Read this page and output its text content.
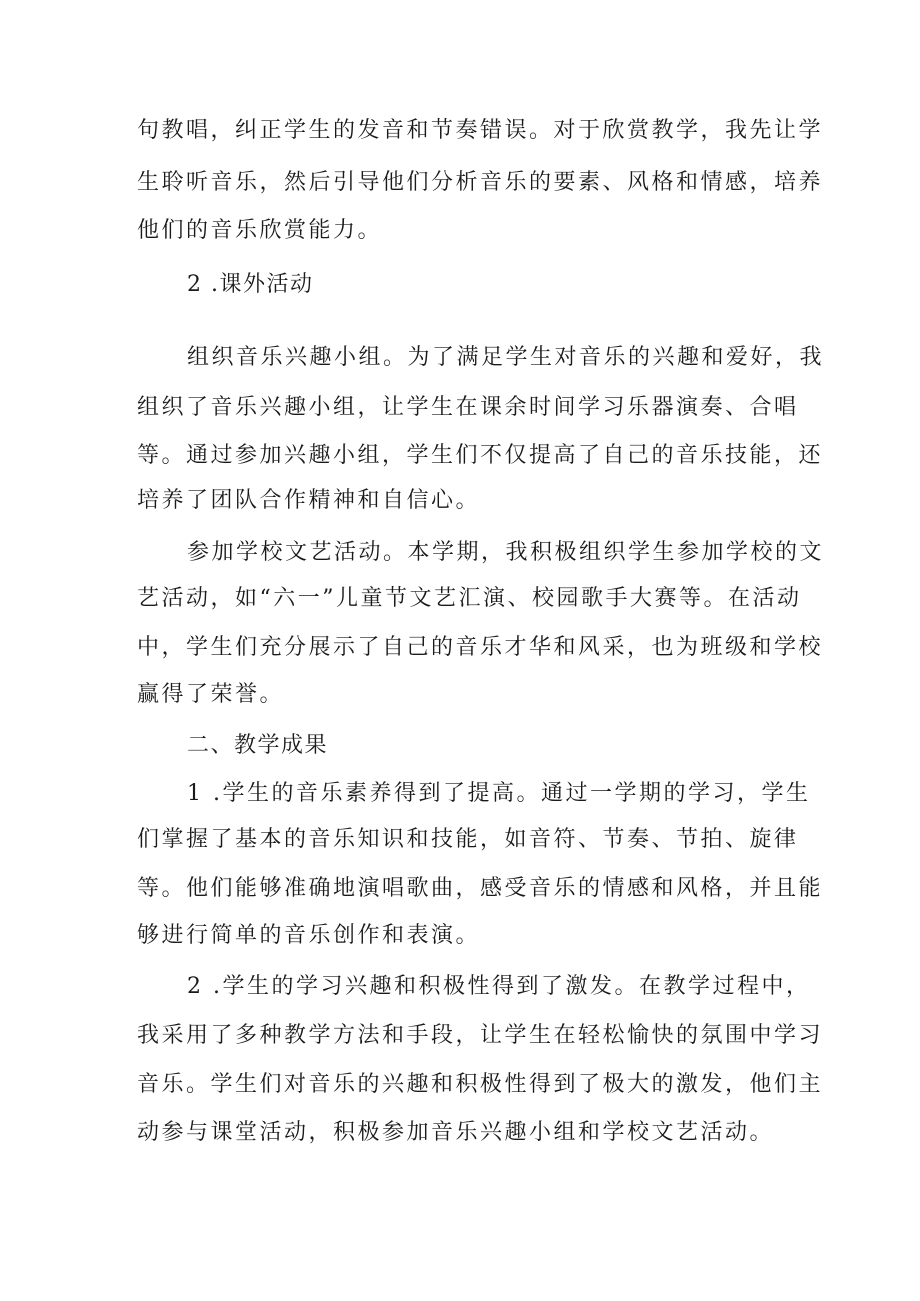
句教唱，纠正学生的发音和节奏错误。对于欣赏教学，我先让学
生聆听音乐，然后引导他们分析音乐的要素、风格和情感，培养
他们的音乐欣赏能力。
2 .课外活动
组织音乐兴趣小组。为了满足学生对音乐的兴趣和爱好，我
组织了音乐兴趣小组，让学生在课余时间学习乐器演奏、合唱
等。通过参加兴趣小组，学生们不仅提高了自己的音乐技能，还
培养了团队合作精神和自信心。
参加学校文艺活动。本学期，我积极组织学生参加学校的文
艺活动，如“六一”儿童节文艺汇演、校园歌手大赛等。在活动
中，学生们充分展示了自己的音乐才华和风采，也为班级和学校
赢得了荣誉。
二、教学成果
1 .学生的音乐素养得到了提高。通过一学期的学习，学生
们掌握了基本的音乐知识和技能，如音符、节奏、节拍、旋律
等。他们能够准确地演唱歌曲，感受音乐的情感和风格，并且能
够进行简单的音乐创作和表演。
2 .学生的学习兴趣和积极性得到了激发。在教学过程中，
我采用了多种教学方法和手段，让学生在轻松愉快的氛围中学习
音乐。学生们对音乐的兴趣和积极性得到了极大的激发，他们主
动参与课堂活动，积极参加音乐兴趣小组和学校文艺活动。
